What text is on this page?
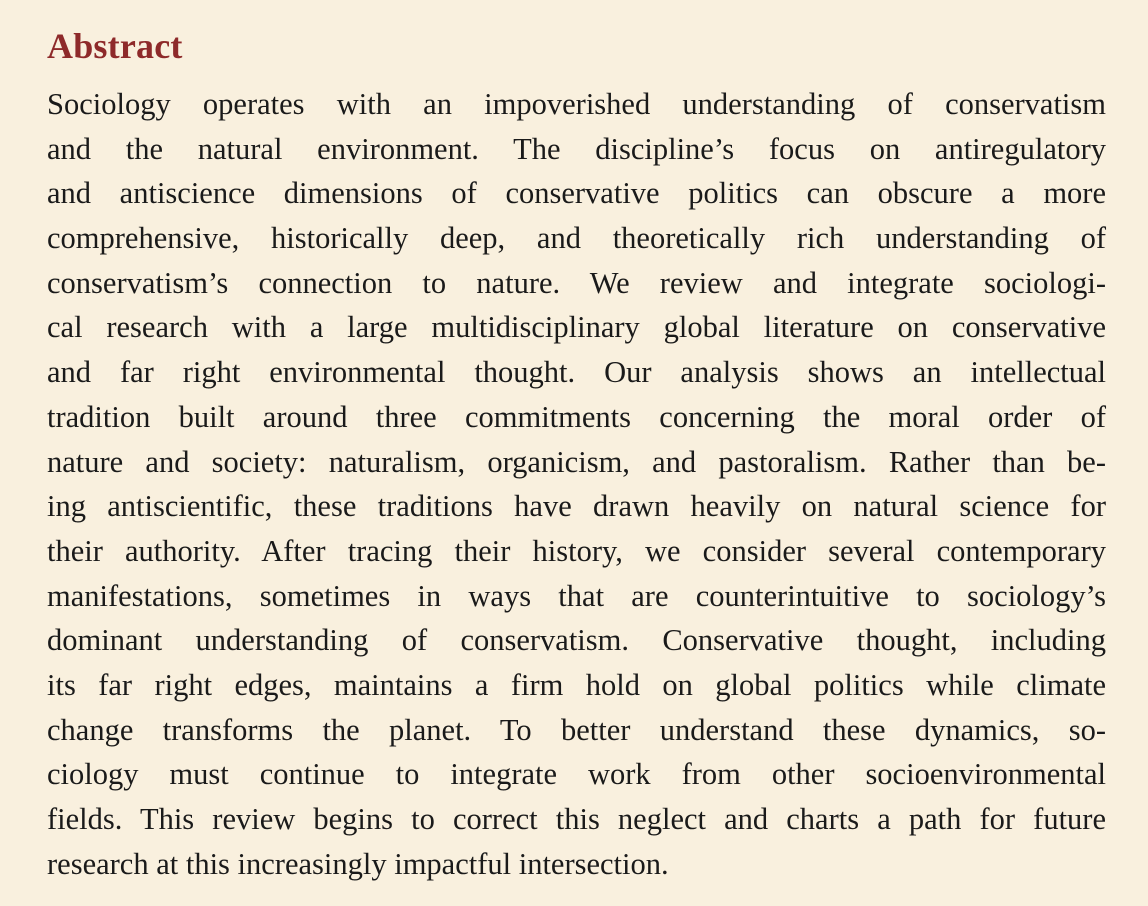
Abstract
Sociology operates with an impoverished understanding of conservatism
and the natural environment. The discipline’s focus on antiregulatory
and antiscience dimensions of conservative politics can obscure a more
comprehensive, historically deep, and theoretically rich understanding of
conservatism’s connection to nature. We review and integrate sociologi-
cal research with a large multidisciplinary global literature on conservative
and far right environmental thought. Our analysis shows an intellectual
tradition built around three commitments concerning the moral order of
nature and society: naturalism, organicism, and pastoralism. Rather than be-
ing antiscientific, these traditions have drawn heavily on natural science for
their authority. After tracing their history, we consider several contemporary
manifestations, sometimes in ways that are counterintuitive to sociology’s
dominant understanding of conservatism. Conservative thought, including
its far right edges, maintains a firm hold on global politics while climate
change transforms the planet. To better understand these dynamics, so-
ciology must continue to integrate work from other socioenvironmental
fields. This review begins to correct this neglect and charts a path for future
research at this increasingly impactful intersection.
